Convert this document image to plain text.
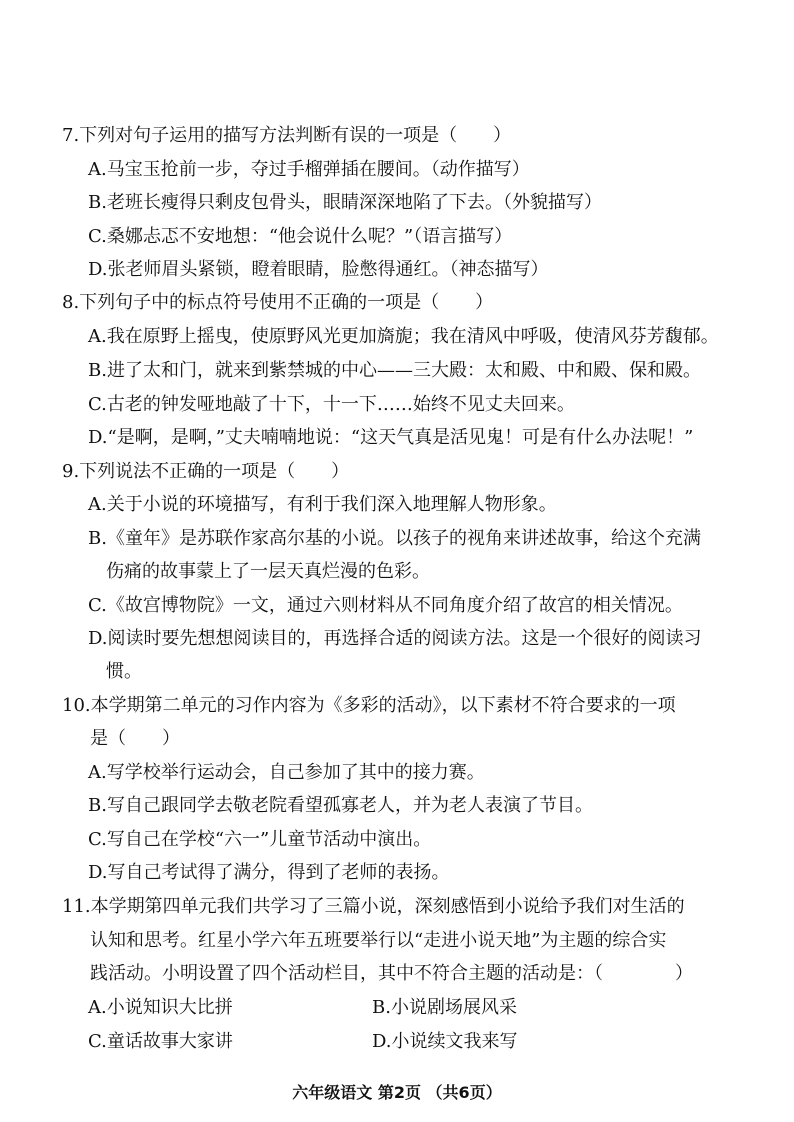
7.下列对句子运用的描写方法判断有误的一项是（　　）
A.马宝玉抢前一步，夺过手榴弹插在腰间。（动作描写）
B.老班长瘦得只剩皮包骨头，眼睛深深地陷了下去。（外貌描写）
C.桑娜忐忑不安地想：“他会说什么呢？”（语言描写）
D.张老师眉头紧锁，瞪着眼睛，脸憋得通红。（神态描写）
8.下列句子中的标点符号使用不正确的一项是（　　）
A.我在原野上摇曳，使原野风光更加旖旎；我在清风中呼吸，使清风芬芳馥郁。
B.进了太和门，就来到紫禁城的中心——三大殿：太和殿、中和殿、保和殿。
C.古老的钟发哑地敲了十下，十一下……始终不见丈夫回来。
D.“是啊，是啊，”丈夫喃喃地说：“这天气真是活见鬼！可是有什么办法呢！”
9.下列说法不正确的一项是（　　）
A.关于小说的环境描写，有利于我们深入地理解人物形象。
B.《童年》是苏联作家高尔基的小说。以孩子的视角来讲述故事，给这个充满
伤痛的故事蒙上了一层天真烂漫的色彩。
C.《故宫博物院》一文，通过六则材料从不同角度介绍了故宫的相关情况。
D.阅读时要先想想阅读目的，再选择合适的阅读方法。这是一个很好的阅读习
惯。
10.本学期第二单元的习作内容为《多彩的活动》，以下素材不符合要求的一项
是（　　）
A.写学校举行运动会，自己参加了其中的接力赛。
B.写自己跟同学去敬老院看望孤寡老人，并为老人表演了节目。
C.写自己在学校“六一”儿童节活动中演出。
D.写自己考试得了满分，得到了老师的表扬。
11.本学期第四单元我们共学习了三篇小说，深刻感悟到小说给予我们对生活的
认知和思考。红星小学六年五班要举行以“走进小说天地”为主题的综合实
践活动。小明设置了四个活动栏目，其中不符合主题的活动是：（　　　　）
A.小说知识大比拼	B.小说剧场展风采
C.童话故事大家讲	D.小说续文我来写
六年级语文 第2页 （共6页）
